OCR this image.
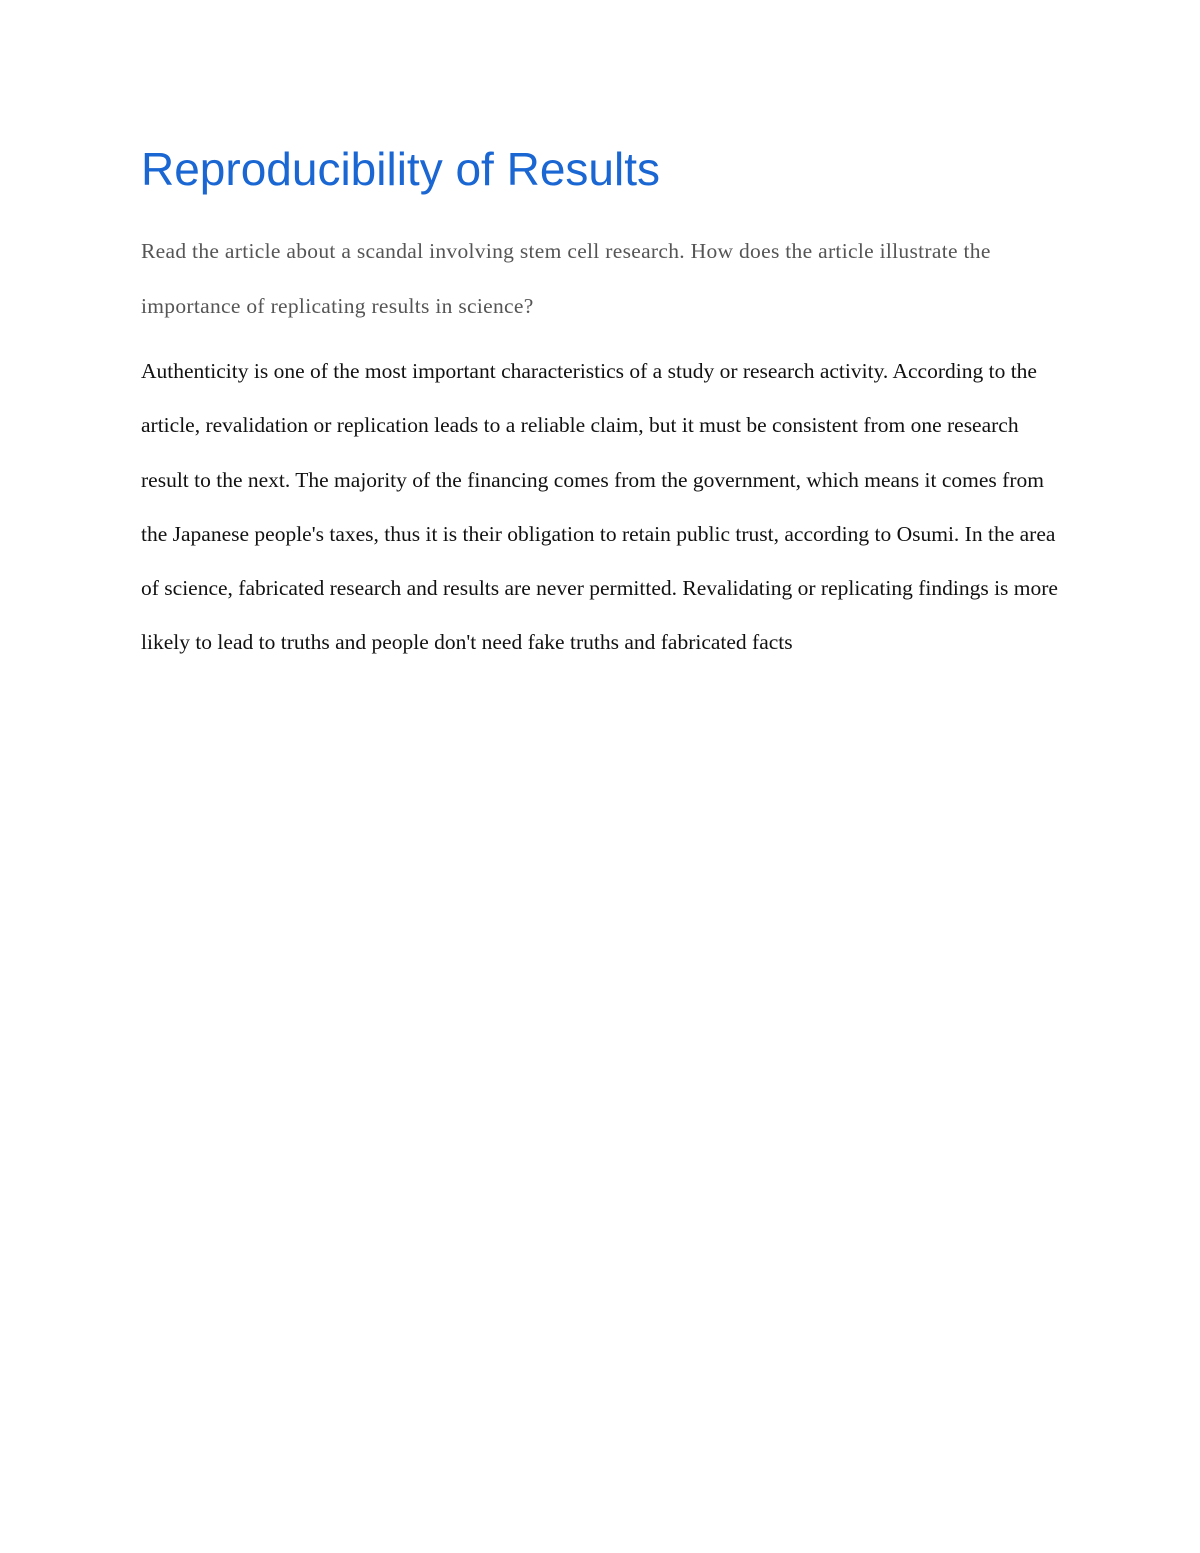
Reproducibility of Results

Read the article about a scandal involving stem cell research. How does the article illustrate the importance of replicating results in science?

Authenticity is one of the most important characteristics of a study or research activity. According to the article, revalidation or replication leads to a reliable claim, but it must be consistent from one research result to the next. The majority of the financing comes from the government, which means it comes from the Japanese people's taxes, thus it is their obligation to retain public trust, according to Osumi. In the area of science, fabricated research and results are never permitted. Revalidating or replicating findings is more likely to lead to truths and people don't need fake truths and fabricated facts
